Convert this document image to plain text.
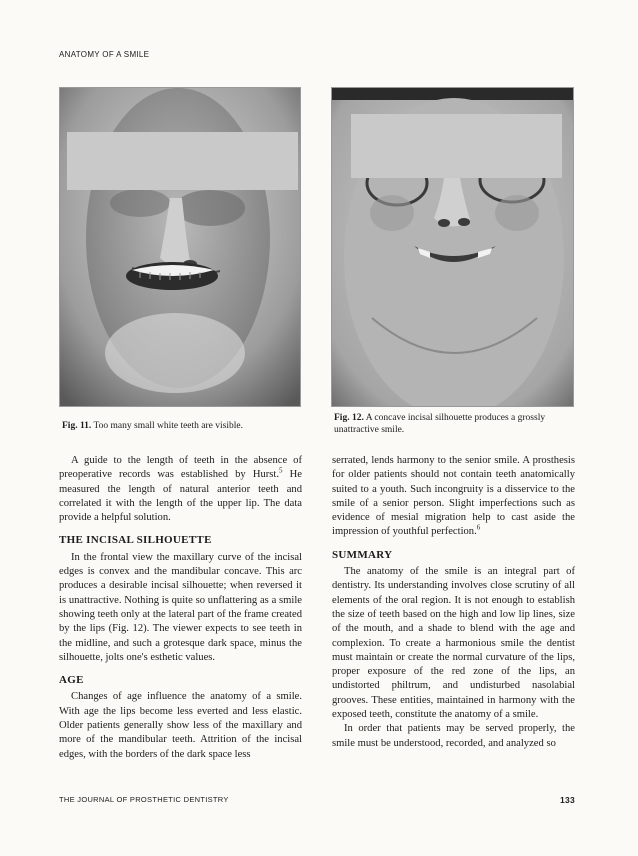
ANATOMY OF A SMILE
Fig. 11. Too many small white teeth are visible.
Fig. 12. A concave incisal silhouette produces a grossly unattractive smile.

A guide to the length of teeth in the absence of preoperative records was established by Hurst.$^5$ He measured the length of natural anterior teeth and correlated it with the length of the upper lip. The data provide a helpful solution.

THE INCISAL SILHOUETTE

In the frontal view the maxillary curve of the incisal edges is convex and the mandibular concave. This arc produces a desirable incisal silhouette; when reversed it is unattractive. Nothing is quite so unflattering as a smile showing teeth only at the lateral part of the frame created by the lips (Fig. 12). The viewer expects to see teeth in the midline, and such a grotesque dark space, minus the silhouette, jolts one's esthetic values.

AGE

Changes of age influence the anatomy of a smile. With age the lips become less everted and less elastic. Older patients generally show less of the maxillary and more of the mandibular teeth. Attrition of the incisal edges, with the borders of the dark space less

serrated, lends harmony to the senior smile. A prosthesis for older patients should not contain teeth anatomically suited to a youth. Such incongruity is a disservice to the smile of a senior person. Slight imperfections such as evidence of mesial migration help to cast aside the impression of youthful perfection.$^6$

SUMMARY

The anatomy of the smile is an integral part of dentistry. Its understanding involves close scrutiny of all elements of the oral region. It is not enough to establish the size of teeth based on the high and low lip lines, size of the mouth, and a shade to blend with the age and complexion. To create a harmonious smile the dentist must maintain or create the normal curvature of the lips, proper exposure of the red zone of the lips, an undistorted philtrum, and undisturbed nasolabial grooves. These entities, maintained in harmony with the exposed teeth, constitute the anatomy of a smile.

In order that patients may be served properly, the smile must be understood, recorded, and analyzed so

THE JOURNAL OF PROSTHETIC DENTISTRY	133
